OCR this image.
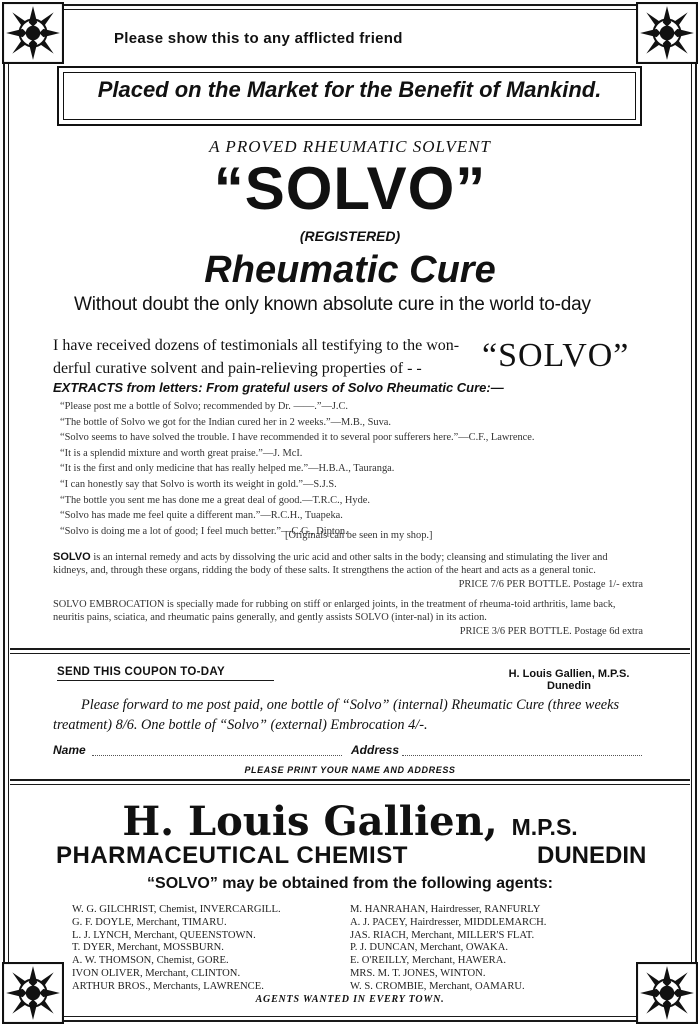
Please show this to any afflicted friend
Placed on the Market for the Benefit of Mankind.
A PROVED RHEUMATIC SOLVENT
“SOLVO”
(REGISTERED)
Rheumatic Cure
Without doubt the only known absolute cure in the world to-day
I have received dozens of testimonials all testifying to the won-derful curative solvent and pain-relieving properties of - -	“SOLVO”
EXTRACTS from letters: From grateful users of Solvo Rheumatic Cure:—
“Please post me a bottle of Solvo; recommended by Dr. ——.”—J.C.
“The bottle of Solvo we got for the Indian cured her in 2 weeks.”—M.B., Suva.
“Solvo seems to have solved the trouble. I have recommended it to several poor sufferers here.”—C.F., Lawrence.
“It is a splendid mixture and worth great praise.”—J. McI.
“It is the first and only medicine that has really helped me.”—H.B.A., Tauranga.
“I can honestly say that Solvo is worth its weight in gold.”—S.J.S.
“The bottle you sent me has done me a great deal of good.—T.R.C., Hyde.
“Solvo has made me feel quite a different man.”—R.C.H., Tuapeka.
“Solvo is doing me a lot of good; I feel much better.”—C.G., Dipton.
[Originals can be seen in my shop.]
SOLVO is an internal remedy and acts by dissolving the uric acid and other salts in the body; cleansing and stimulating the liver and kidneys, and, through these organs, ridding the body of these salts. It strengthens the action of the heart and acts as a general tonic.
PRICE 7/6 PER BOTTLE. Postage 1/- extra
SOLVO EMBROCATION is specially made for rubbing on stiff or enlarged joints, in the treatment of rheuma-toid arthritis, lame back, neuritis pains, sciatica, and rheumatic pains generally, and gently assists SOLVO (inter-nal) in its action.
PRICE 3/6 PER BOTTLE. Postage 6d extra
SEND THIS COUPON TO-DAY	H. Louis Gallien, M.P.S.
Dunedin
Please forward to me post paid, one bottle of “Solvo” (internal) Rheumatic Cure (three weeks treatment) 8/6. One bottle of “Solvo” (external) Embrocation 4/-.
Name	Address
PLEASE PRINT YOUR NAME AND ADDRESS
H. Louis Gallien, M.P.S.
PHARMACEUTICAL CHEMIST	DUNEDIN
“SOLVO” may be obtained from the following agents:
W. G. GILCHRIST, Chemist, INVERCARGILL.
G. F. DOYLE, Merchant, TIMARU.
L. J. LYNCH, Merchant, QUEENSTOWN.
T. DYER, Merchant, MOSSBURN.
A. W. THOMSON, Chemist, GORE.
IVON OLIVER, Merchant, CLINTON.
ARTHUR BROS., Merchants, LAWRENCE.
M. HANRAHAN, Hairdresser, RANFURLY
A. J. PACEY, Hairdresser, MIDDLEMARCH.
JAS. RIACH, Merchant, MILLER'S FLAT.
P. J. DUNCAN, Merchant, OWAKA.
E. O'REILLY, Merchant, HAWERA.
MRS. M. T. JONES, WINTON.
W. S. CROMBIE, Merchant, OAMARU.
AGENTS WANTED IN EVERY TOWN.
